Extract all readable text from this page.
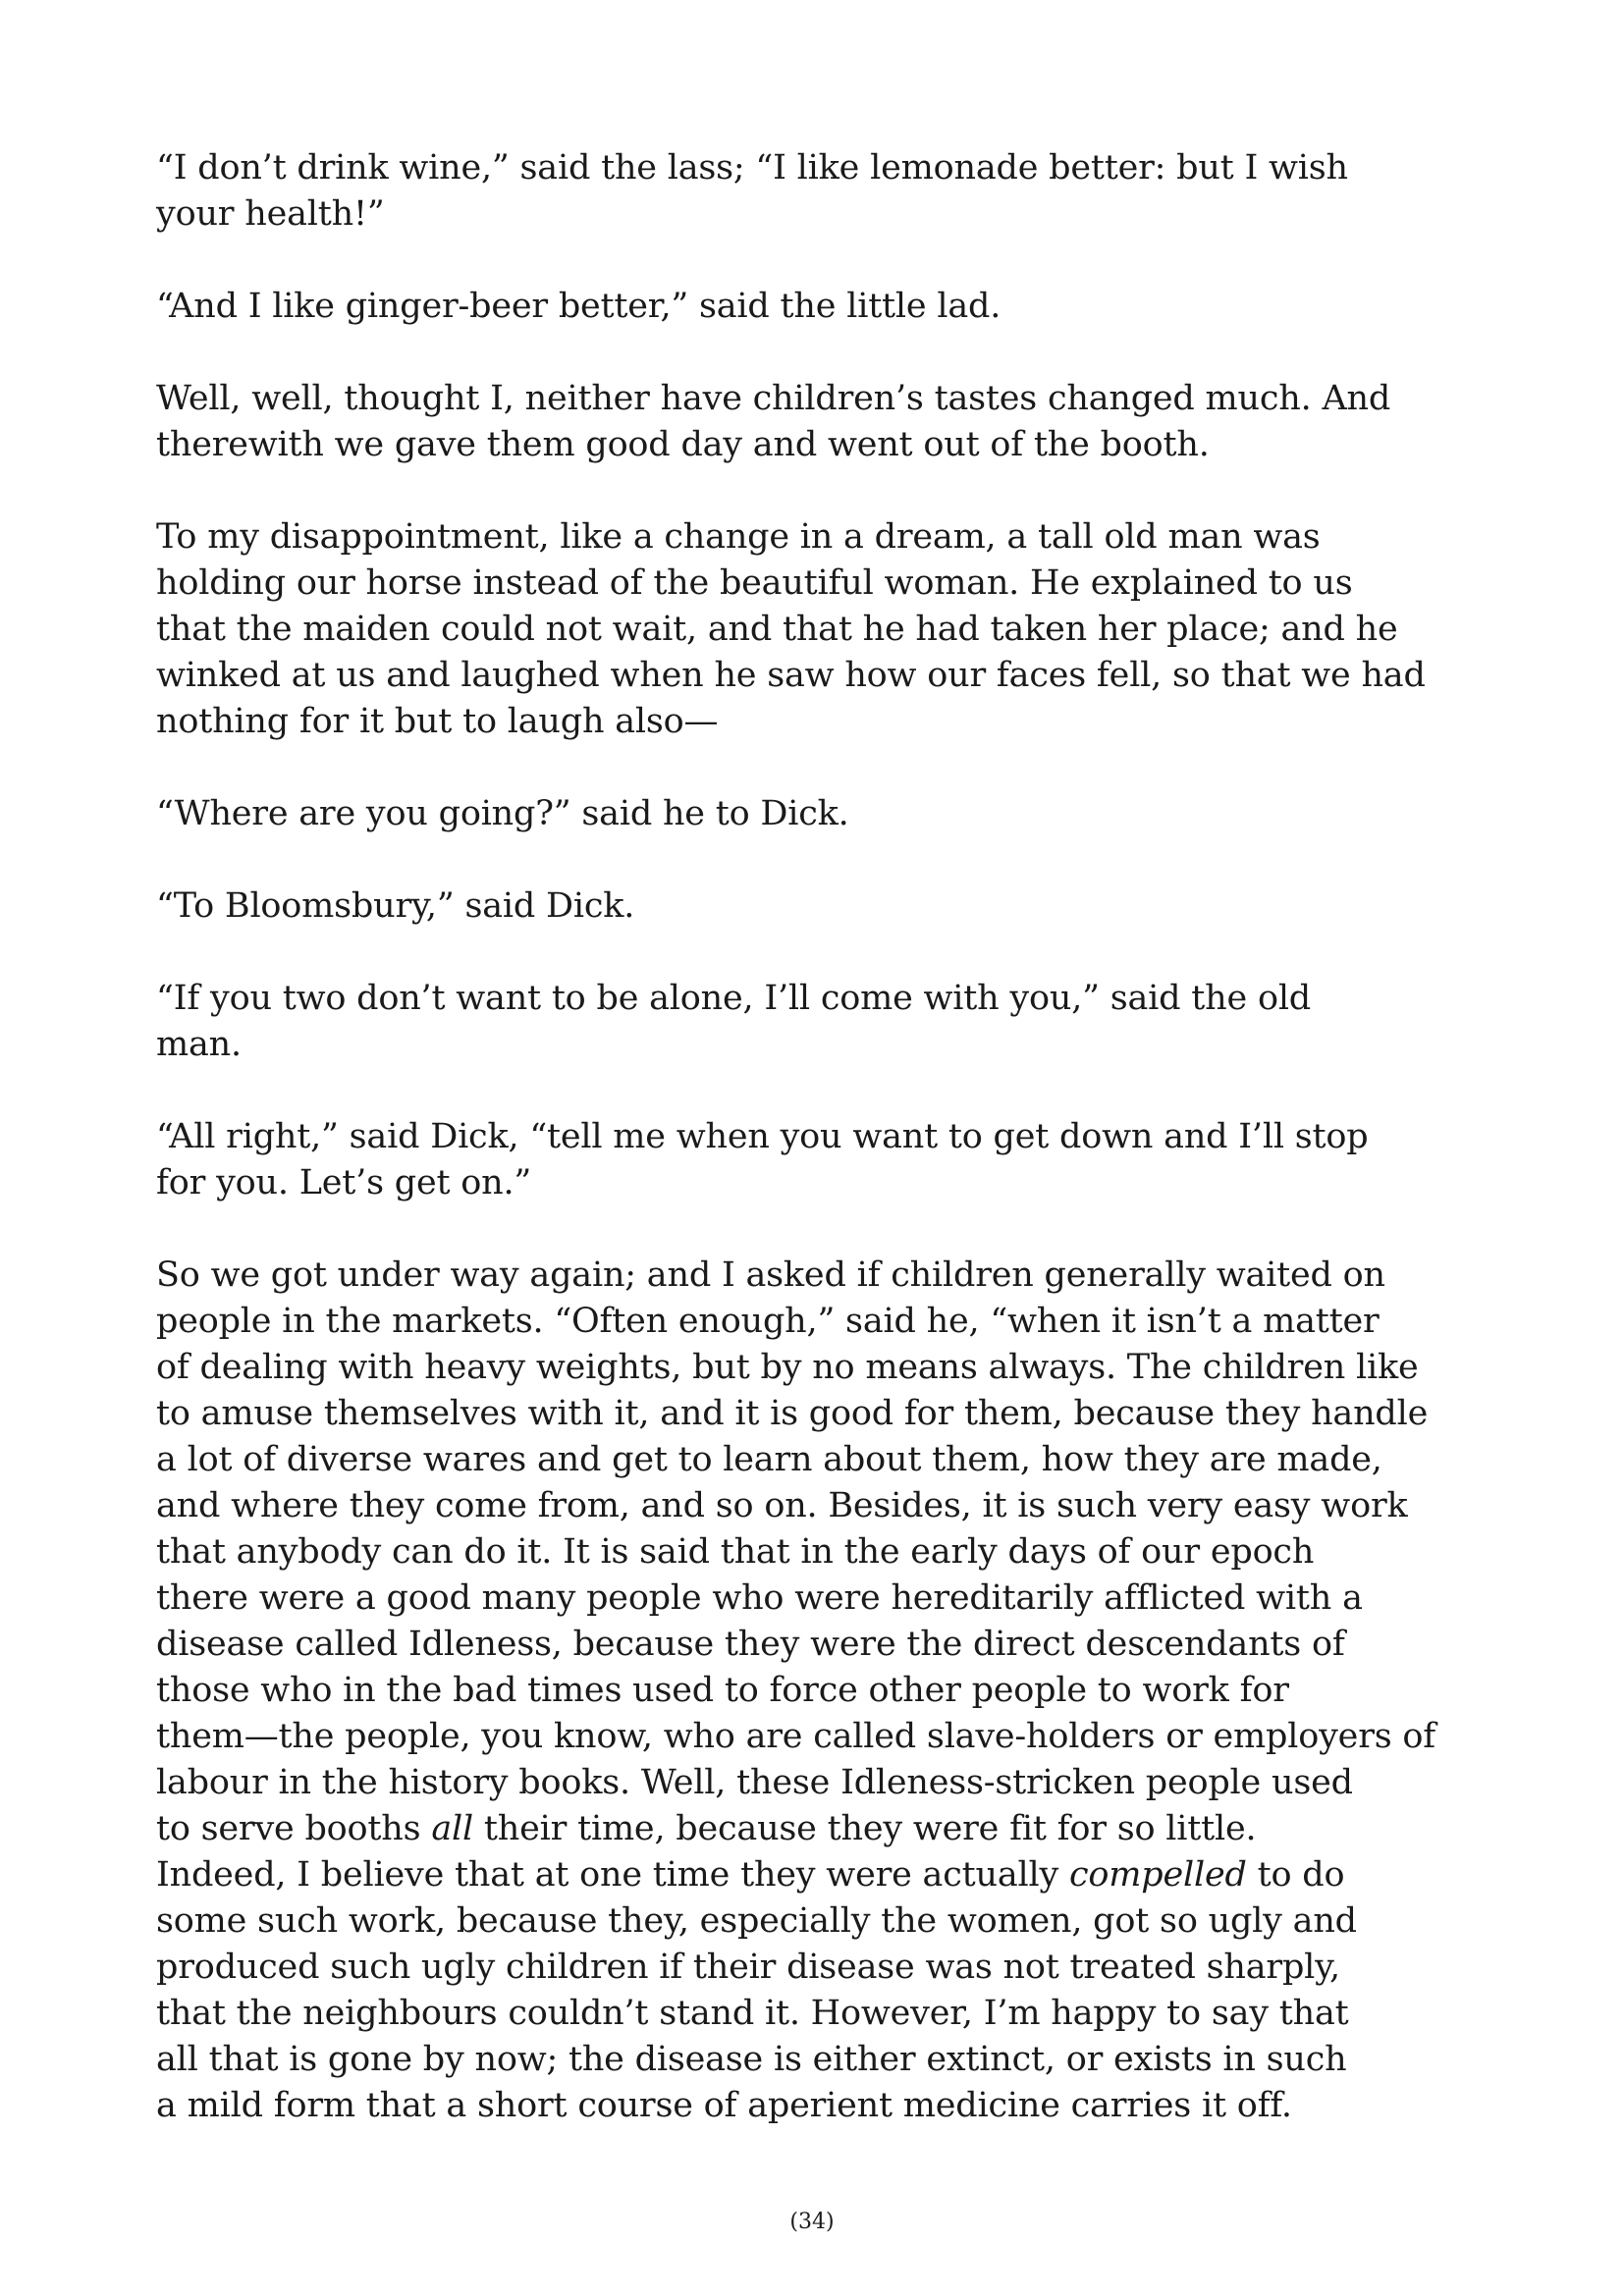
“I don’t drink wine,” said the lass; “I like lemonade better: but I wish
your health!”

“And I like ginger-beer better,” said the little lad.

Well, well, thought I, neither have children’s tastes changed much. And
therewith we gave them good day and went out of the booth.

To my disappointment, like a change in a dream, a tall old man was
holding our horse instead of the beautiful woman. He explained to us
that the maiden could not wait, and that he had taken her place; and he
winked at us and laughed when he saw how our faces fell, so that we had
nothing for it but to laugh also—

“Where are you going?” said he to Dick.

“To Bloomsbury,” said Dick.

“If you two don’t want to be alone, I’ll come with you,” said the old
man.

“All right,” said Dick, “tell me when you want to get down and I’ll stop
for you. Let’s get on.”

So we got under way again; and I asked if children generally waited on
people in the markets. “Often enough,” said he, “when it isn’t a matter
of dealing with heavy weights, but by no means always. The children like
to amuse themselves with it, and it is good for them, because they handle
a lot of diverse wares and get to learn about them, how they are made,
and where they come from, and so on. Besides, it is such very easy work
that anybody can do it. It is said that in the early days of our epoch
there were a good many people who were hereditarily afflicted with a
disease called Idleness, because they were the direct descendants of
those who in the bad times used to force other people to work for
them—the people, you know, who are called slave-holders or employers of
labour in the history books. Well, these Idleness-stricken people used
to serve booths all their time, because they were fit for so little.
Indeed, I believe that at one time they were actually compelled to do
some such work, because they, especially the women, got so ugly and
produced such ugly children if their disease was not treated sharply,
that the neighbours couldn’t stand it. However, I’m happy to say that
all that is gone by now; the disease is either extinct, or exists in such
a mild form that a short course of aperient medicine carries it off.

(34)
